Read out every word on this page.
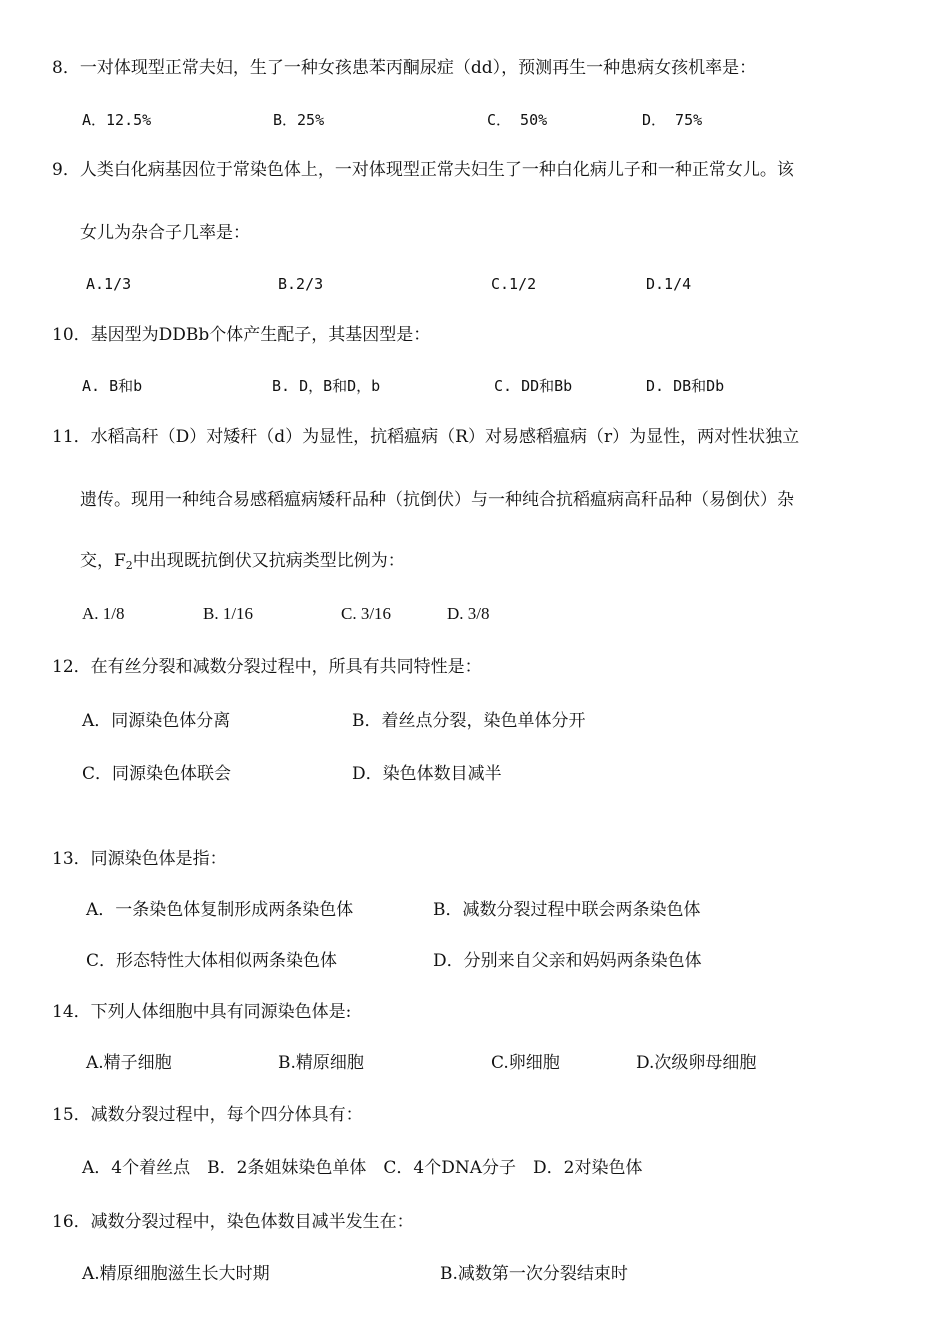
8．一对体现型正常夫妇，生了一种女孩患苯丙酮尿症（dd），预测再生一种患病女孩机率是：
A．12.5%	B．25%	C． 50%	D． 75%
9．人类白化病基因位于常染色体上，一对体现型正常夫妇生了一种白化病儿子和一种正常女儿。该
女儿为杂合子几率是：
A.1/3	B.2/3	C.1/2	D.1/4
10．基因型为DDBb个体产生配子，其基因型是：
A. B和b	B. D，B和D，b	C. DD和Bb	D. DB和Db
11．水稻高秆（D）对矮秆（d）为显性，抗稻瘟病（R）对易感稻瘟病（r）为显性，两对性状独立
遗传。现用一种纯合易感稻瘟病矮秆品种（抗倒伏）与一种纯合抗稻瘟病高秆品种（易倒伏）杂
交，$F_2$中出现既抗倒伏又抗病类型比例为：
A. 1/8	B. 1/16	C. 3/16	D. 3/8
12．在有丝分裂和减数分裂过程中，所具有共同特性是：
A．同源染色体分离	B．着丝点分裂，染色单体分开
C．同源染色体联会	D．染色体数目减半
13．同源染色体是指：
A．一条染色体复制形成两条染色体	B．减数分裂过程中联会两条染色体
C．形态特性大体相似两条染色体	D．分别来自父亲和妈妈两条染色体
14．下列人体细胞中具有同源染色体是:
A.精子细胞	B.精原细胞	C.卵细胞	D.次级卵母细胞
15．减数分裂过程中，每个四分体具有：
A．4个着丝点　B．2条姐妹染色单体　C．4个DNA分子　D．2对染色体
16．减数分裂过程中，染色体数目减半发生在：
A.精原细胞滋生长大时期	B.减数第一次分裂结束时
